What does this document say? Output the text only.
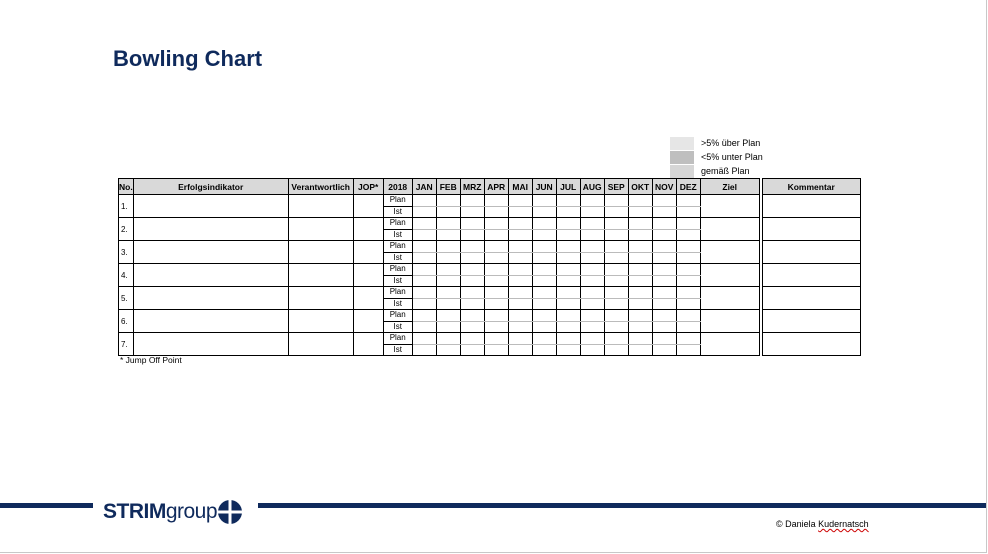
Bowling Chart
>5% über Plan
<5% unter Plan
gemäß Plan
No.	Erfolgsindikator	Verantwortlich	JOP*	2018	JAN	FEB	MRZ	APR	MAI	JUN	JUL	AUG	SEP	OKT	NOV	DEZ	Ziel		Kommentar
1.				Plan															
				Ist															
2.				Plan															
				Ist															
3.				Plan															
				Ist															
4.				Plan															
				Ist															
5.				Plan															
				Ist															
6.				Plan															
				Ist															
7.				Plan															
				Ist															
* Jump Off Point
STRIMgroup
© Daniela Kudernatsch
